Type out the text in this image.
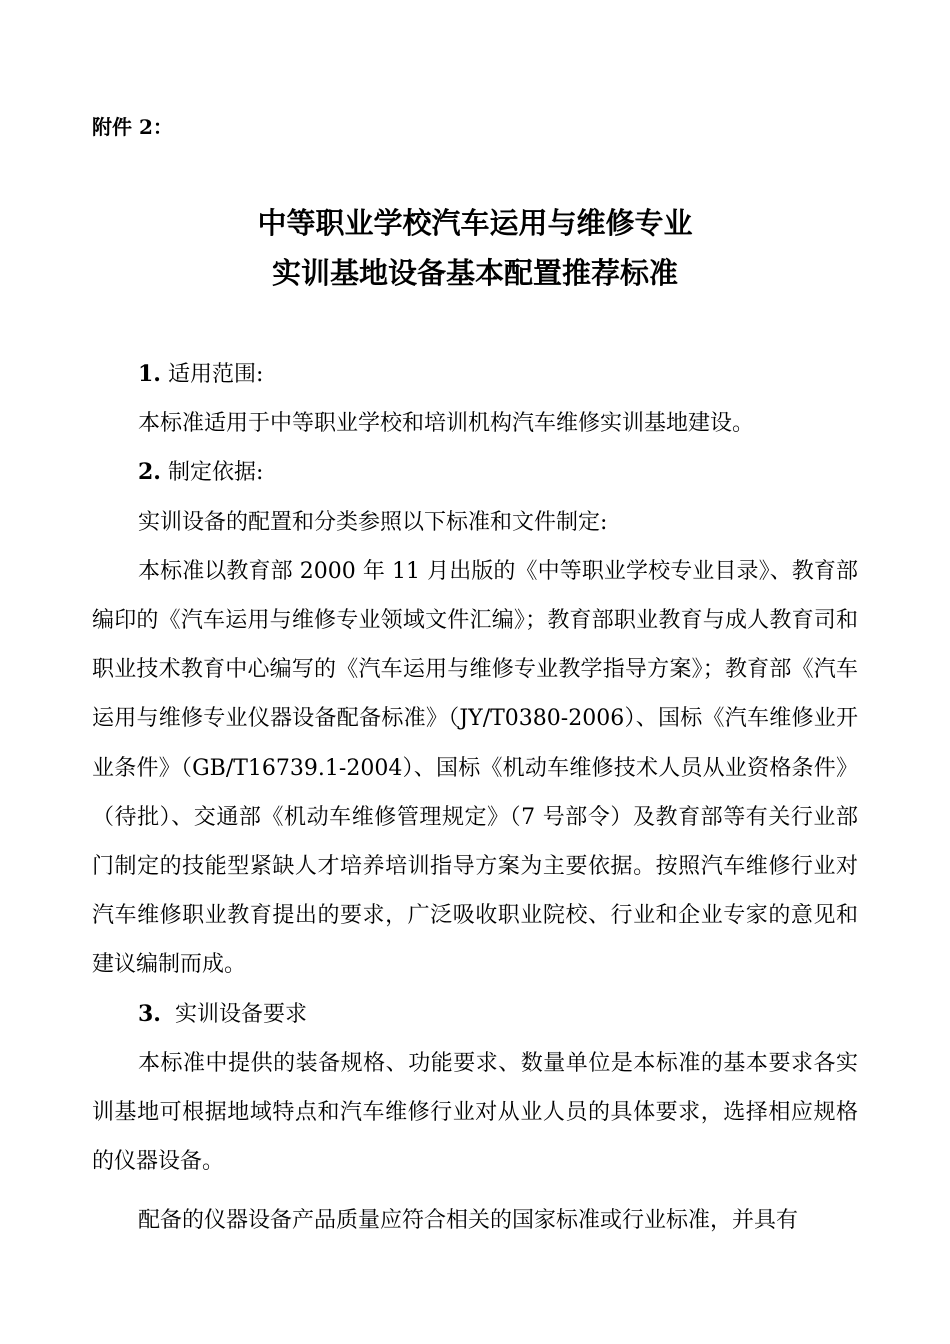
附件 2：
中等职业学校汽车运用与维修专业
实训基地设备基本配置推荐标准

1. 适用范围:

本标准适用于中等职业学校和培训机构汽车维修实训基地建设。

2. 制定依据:

实训设备的配置和分类参照以下标准和文件制定:

本标准以教育部 2000 年 11 月出版的《中等职业学校专业目录》、教育部编印的《汽车运用与维修专业领域文件汇编》；教育部职业教育与成人教育司和职业技术教育中心编写的《汽车运用与维修专业教学指导方案》；教育部《汽车运用与维修专业仪器设备配备标准》（JY/T0380-2006）、国标《汽车维修业开业条件》（GB/T16739.1-2004）、国标《机动车维修技术人员从业资格条件》（待批）、交通部《机动车维修管理规定》（7 号部令）及教育部等有关行业部门制定的技能型紧缺人才培养培训指导方案为主要依据。按照汽车维修行业对汽车维修职业教育提出的要求，广泛吸收职业院校、行业和企业专家的意见和建议编制而成。

3. 实训设备要求

本标准中提供的装备规格、功能要求、数量单位是本标准的基本要求各实训基地可根据地域特点和汽车维修行业对从业人员的具体要求，选择相应规格的仪器设备。

配备的仪器设备产品质量应符合相关的国家标准或行业标准，并具有
